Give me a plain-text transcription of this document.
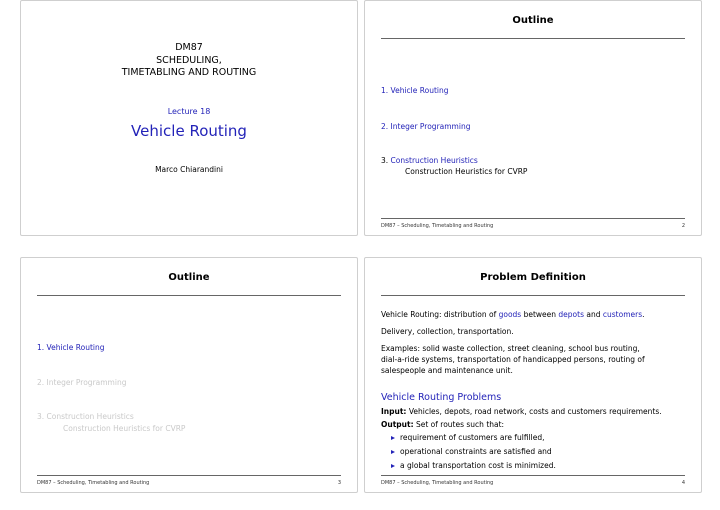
DM87
SCHEDULING,
TIMETABLING AND ROUTING
Lecture 18
Vehicle Routing
Marco Chiarandini
Outline
1. Vehicle Routing
2. Integer Programming
3. Construction Heuristics
Construction Heuristics for CVRP
DM87 – Scheduling, Timetabling and Routing	2
Outline
1. Vehicle Routing
2. Integer Programming
3. Construction Heuristics
Construction Heuristics for CVRP
DM87 – Scheduling, Timetabling and Routing	3
Problem Definition
Vehicle Routing: distribution of goods between depots and customers.
Delivery, collection, transportation.
Examples: solid waste collection, street cleaning, school bus routing,
dial-a-ride systems, transportation of handicapped persons, routing of
salespeople and maintenance unit.
Vehicle Routing Problems
Input: Vehicles, depots, road network, costs and customers requirements.
Output: Set of routes such that:
requirement of customers are fulfilled,
operational constraints are satisfied and
a global transportation cost is minimized.
DM87 – Scheduling, Timetabling and Routing	4
